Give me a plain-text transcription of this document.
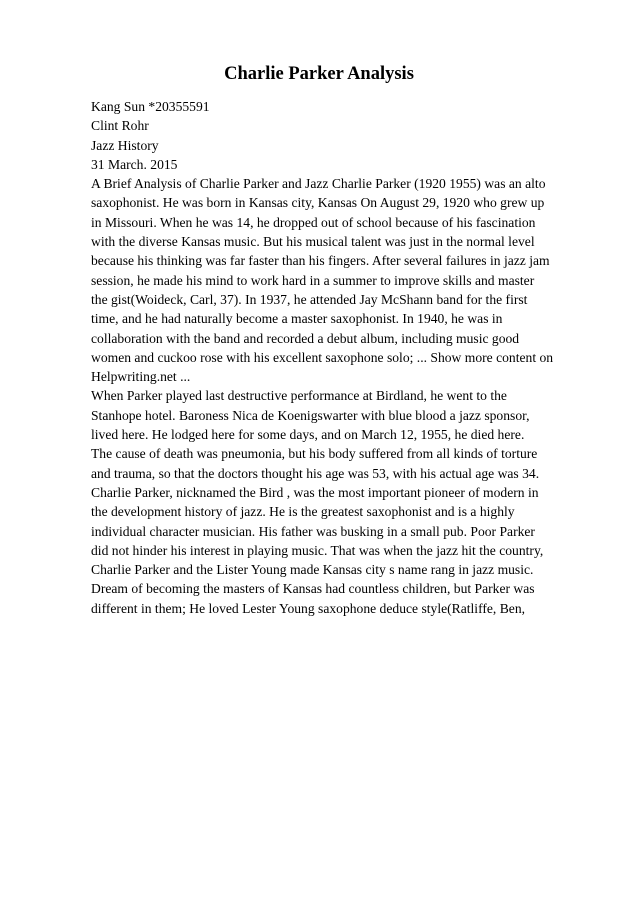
Charlie Parker Analysis
Kang Sun *20355591
Clint Rohr
Jazz History
31 March. 2015
A Brief Analysis of Charlie Parker and Jazz Charlie Parker (1920 1955) was an alto
saxophonist. He was born in Kansas city, Kansas On August 29, 1920 who grew up
in Missouri. When he was 14, he dropped out of school because of his fascination
with the diverse Kansas music. But his musical talent was just in the normal level
because his thinking was far faster than his fingers. After several failures in jazz jam
session, he made his mind to work hard in a summer to improve skills and master
the gist(Woideck, Carl, 37). In 1937, he attended Jay McShann band for the first
time, and he had naturally become a master saxophonist. In 1940, he was in
collaboration with the band and recorded a debut album, including music good
women and cuckoo rose with his excellent saxophone solo; ... Show more content on
Helpwriting.net ...
When Parker played last destructive performance at Birdland, he went to the
Stanhope hotel. Baroness Nica de Koenigswarter with blue blood a jazz sponsor,
lived here. He lodged here for some days, and on March 12, 1955, he died here.
The cause of death was pneumonia, but his body suffered from all kinds of torture
and trauma, so that the doctors thought his age was 53, with his actual age was 34.
Charlie Parker, nicknamed the Bird , was the most important pioneer of modern in
the development history of jazz. He is the greatest saxophonist and is a highly
individual character musician. His father was busking in a small pub. Poor Parker
did not hinder his interest in playing music. That was when the jazz hit the country,
Charlie Parker and the Lister Young made Kansas city s name rang in jazz music.
Dream of becoming the masters of Kansas had countless children, but Parker was
different in them; He loved Lester Young saxophone deduce style(Ratliffe, Ben,
